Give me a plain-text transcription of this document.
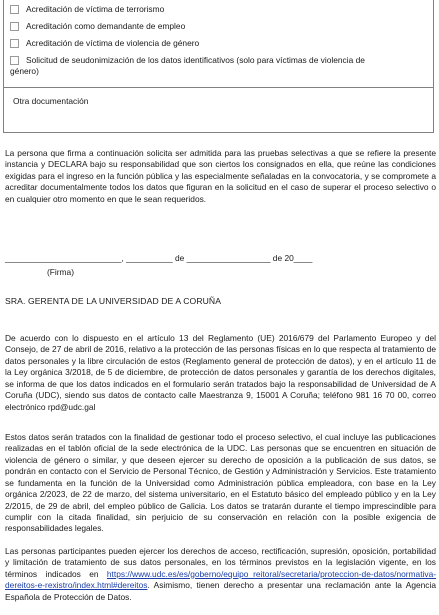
Acreditación de víctima de terrorismo
Acreditación como demandante de empleo
Acreditación de víctima de violencia de género
Solicitud de seudonimización de los datos identificativos (solo para víctimas de violencia de
género)
Otra documentación

La persona que firma a continuación solicita ser admitida para las pruebas selectivas a que se refiere la presente instancia y DECLARA bajo su responsabilidad que son ciertos los consignados en ella, que reúne las condiciones exigidas para el ingreso en la función pública y las especialmente señaladas en la convocatoria, y se compromete a acreditar documentalmente todos los datos que figuran en la solicitud en el caso de superar el proceso selectivo o en cualquier otro momento en que le sean requeridos.

_________________________, __________ de __________________ de 20____
(Firma)
SRA. GERENTA DE LA UNIVERSIDAD DE A CORUÑA

De acuerdo con lo dispuesto en el artículo 13 del Reglamento (UE) 2016/679 del Parlamento Europeo y del Consejo, de 27 de abril de 2016, relativo a la protección de las personas físicas en lo que respecta al tratamiento de datos personales y la libre circulación de estos (Reglamento general de protección de datos), y en el artículo 11 de la Ley orgánica 3/2018, de 5 de diciembre, de protección de datos personales y garantía de los derechos digitales, se informa de que los datos indicados en el formulario serán tratados bajo la responsabilidad de Universidad de A Coruña (UDC), siendo sus datos de contacto calle Maestranza 9, 15001 A Coruña; teléfono 981 16 70 00, correo electrónico rpd@udc.gal

Estos datos serán tratados con la finalidad de gestionar todo el proceso selectivo, el cual incluye las publicaciones realizadas en el tablón oficial de la sede electrónica de la UDC. Las personas que se encuentren en situación de violencia de género o similar, y que deseen ejercer su derecho de oposición a la publicación de sus datos, se pondrán en contacto con el Servicio de Personal Técnico, de Gestión y Administración y Servicios. Este tratamiento se fundamenta en la función de la Universidad como Administración pública empleadora, con base en la Ley orgánica 2/2023, de 22 de marzo, del sistema universitario, en el Estatuto básico del empleado público y en la Ley 2/2015, de 29 de abril, del empleo público de Galicia. Los datos se tratarán durante el tiempo imprescindible para cumplir con la citada finalidad, sin perjuicio de su conservación en relación con la posible exigencia de responsabilidades legales.

Las personas participantes pueden ejercer los derechos de acceso, rectificación, supresión, oposición, portabilidad y limitación de tratamiento de sus datos personales, en los términos previstos en la legislación vigente, en los términos indicados en https://www.udc.es/es/goberno/equipo_reitoral/secretaria/proteccion-de-datos/normativa-dereitos-e-rexistro/index.html#dereitos. Asimismo, tienen derecho a presentar una reclamación ante la Agencia Española de Protección de Datos.
